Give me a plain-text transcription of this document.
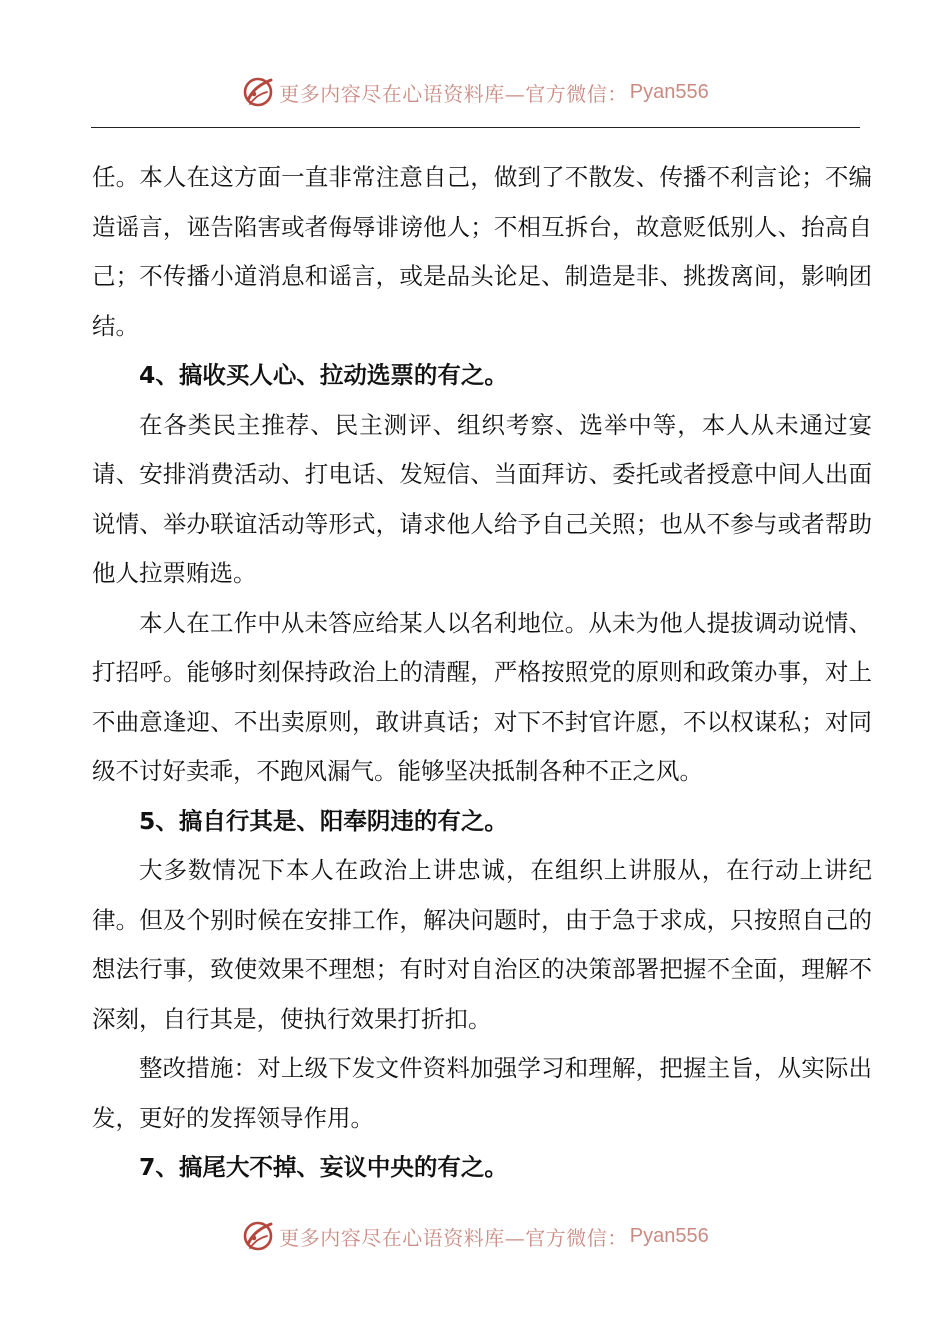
更多内容尽在心语资料库—官方微信： Pyan556

任。本人在这方面一直非常注意自己，做到了不散发、传播不利言论；不编造谣言，诬告陷害或者侮辱诽谤他人；不相互拆台，故意贬低别人、抬高自己；不传播小道消息和谣言，或是品头论足、制造是非、挑拨离间，影响团结。

4、搞收买人心、拉动选票的有之。

在各类民主推荐、民主测评、组织考察、选举中等，本人从未通过宴请、安排消费活动、打电话、发短信、当面拜访、委托或者授意中间人出面说情、举办联谊活动等形式，请求他人给予自己关照；也从不参与或者帮助他人拉票贿选。

本人在工作中从未答应给某人以名利地位。从未为他人提拔调动说情、打招呼。能够时刻保持政治上的清醒，严格按照党的原则和政策办事，对上不曲意逢迎、不出卖原则，敢讲真话；对下不封官许愿，不以权谋私；对同级不讨好卖乖，不跑风漏气。能够坚决抵制各种不正之风。

5、搞自行其是、阳奉阴违的有之。

大多数情况下本人在政治上讲忠诚，在组织上讲服从，在行动上讲纪律。但及个别时候在安排工作，解决问题时，由于急于求成，只按照自己的想法行事，致使效果不理想；有时对自治区的决策部署把握不全面，理解不深刻，自行其是，使执行效果打折扣。

整改措施：对上级下发文件资料加强学习和理解，把握主旨，从实际出发，更好的发挥领导作用。

7、搞尾大不掉、妄议中央的有之。

更多内容尽在心语资料库—官方微信： Pyan556
